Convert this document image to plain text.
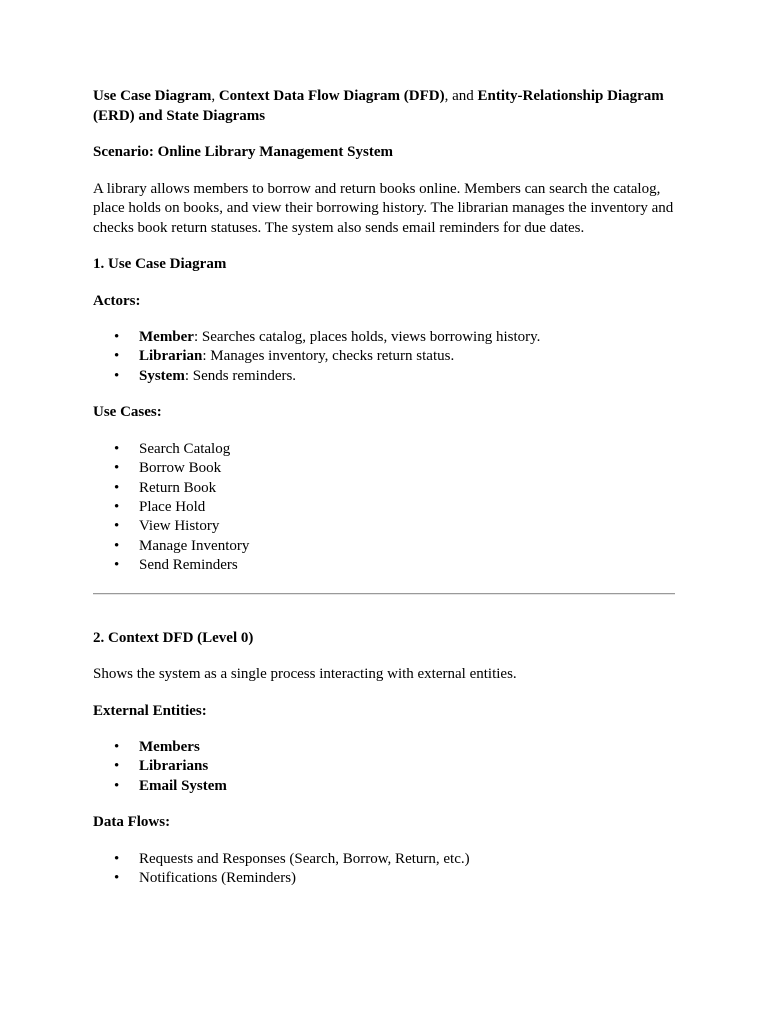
Use Case Diagram, Context Data Flow Diagram (DFD), and Entity-Relationship Diagram (ERD) and State Diagrams

Scenario: Online Library Management System

A library allows members to borrow and return books online. Members can search the catalog, place holds on books, and view their borrowing history. The librarian manages the inventory and checks book return statuses. The system also sends email reminders for due dates.

1. Use Case Diagram

Actors:

• Member: Searches catalog, places holds, views borrowing history.
• Librarian: Manages inventory, checks return status.
• System: Sends reminders.

Use Cases:

• Search Catalog
• Borrow Book
• Return Book
• Place Hold
• View History
• Manage Inventory
• Send Reminders

2. Context DFD (Level 0)

Shows the system as a single process interacting with external entities.

External Entities:

• Members
• Librarians
• Email System

Data Flows:

• Requests and Responses (Search, Borrow, Return, etc.)
• Notifications (Reminders)
